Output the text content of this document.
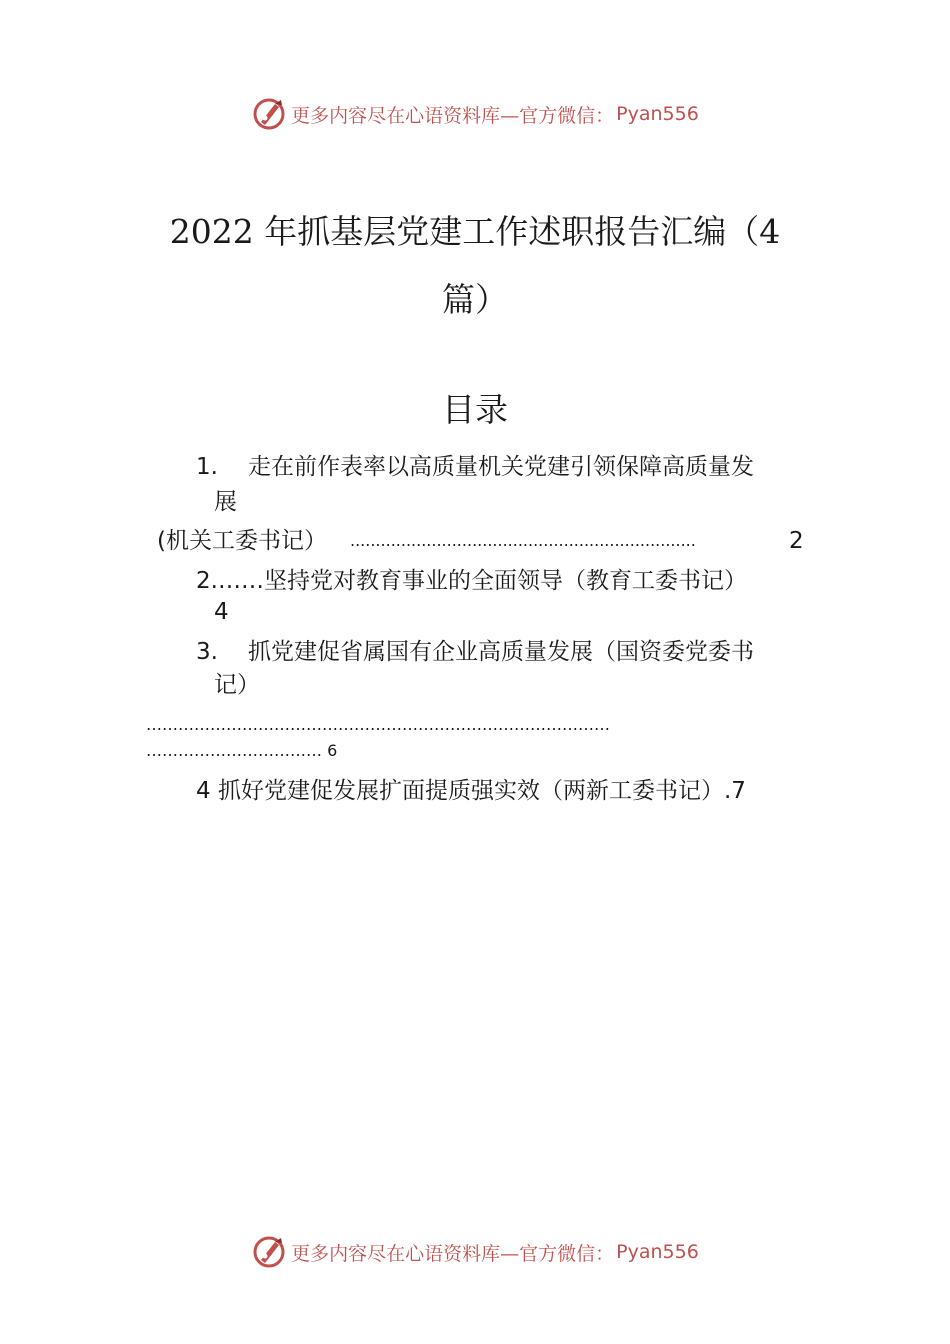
更多内容尽在心语资料库—官方微信： Pyan556
2022 年抓基层党建工作述职报告汇编（4
篇）
目录
1. 走在前作表率以高质量机关党建引领保障高质量发
展
(机关工委书记） ....................................................................	2
2.……坚持党对教育事业的全面领导（教育工委书记）
4
3. 抓党建促省属国有企业高质量发展（国资委党委书
记）
……………………………………………………………………………
…………………………… 6
4 抓好党建促发展扩面提质强实效（两新工委书记）.7
更多内容尽在心语资料库—官方微信： Pyan556
